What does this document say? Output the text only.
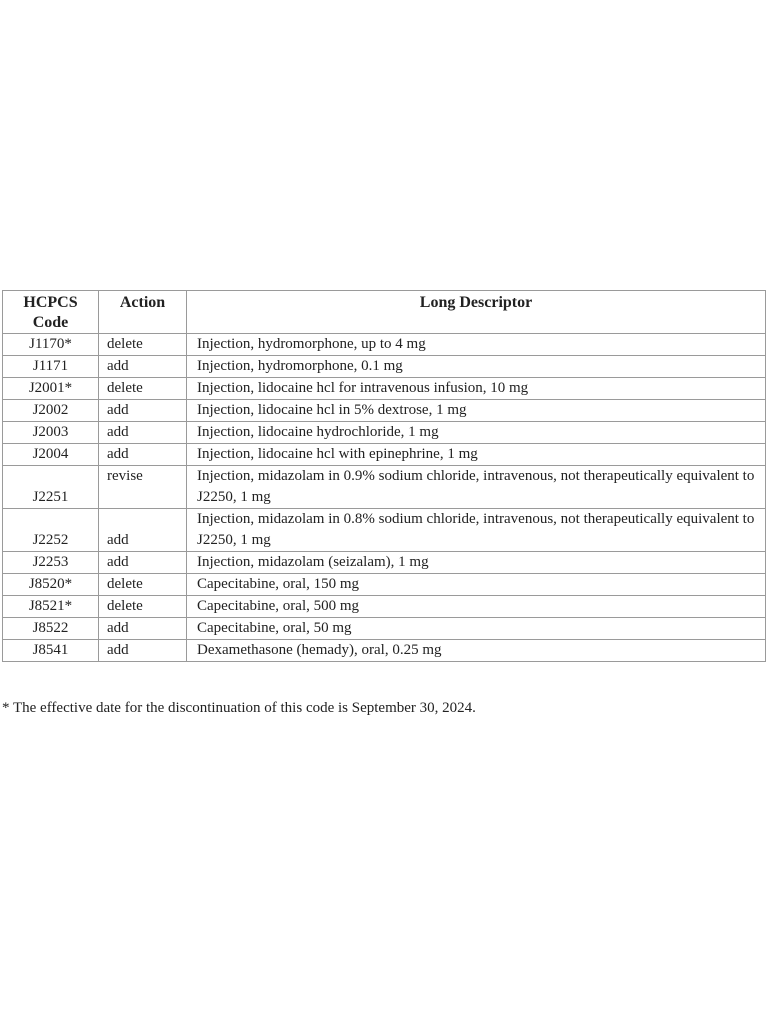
HCPCS Code	Action	Long Descriptor
J1170*	delete	Injection, hydromorphone, up to 4 mg
J1171	add	Injection, hydromorphone, 0.1 mg
J2001*	delete	Injection, lidocaine hcl for intravenous infusion, 10 mg
J2002	add	Injection, lidocaine hcl in 5% dextrose, 1 mg
J2003	add	Injection, lidocaine hydrochloride, 1 mg
J2004	add	Injection, lidocaine hcl with epinephrine, 1 mg
J2251	revise	Injection, midazolam in 0.9% sodium chloride, intravenous, not therapeutically equivalent to J2250, 1 mg
J2252	add	Injection, midazolam in 0.8% sodium chloride, intravenous, not therapeutically equivalent to J2250, 1 mg
J2253	add	Injection, midazolam (seizalam), 1 mg
J8520*	delete	Capecitabine, oral, 150 mg
J8521*	delete	Capecitabine, oral, 500 mg
J8522	add	Capecitabine, oral, 50 mg
J8541	add	Dexamethasone (hemady), oral, 0.25 mg
* The effective date for the discontinuation of this code is September 30, 2024.
